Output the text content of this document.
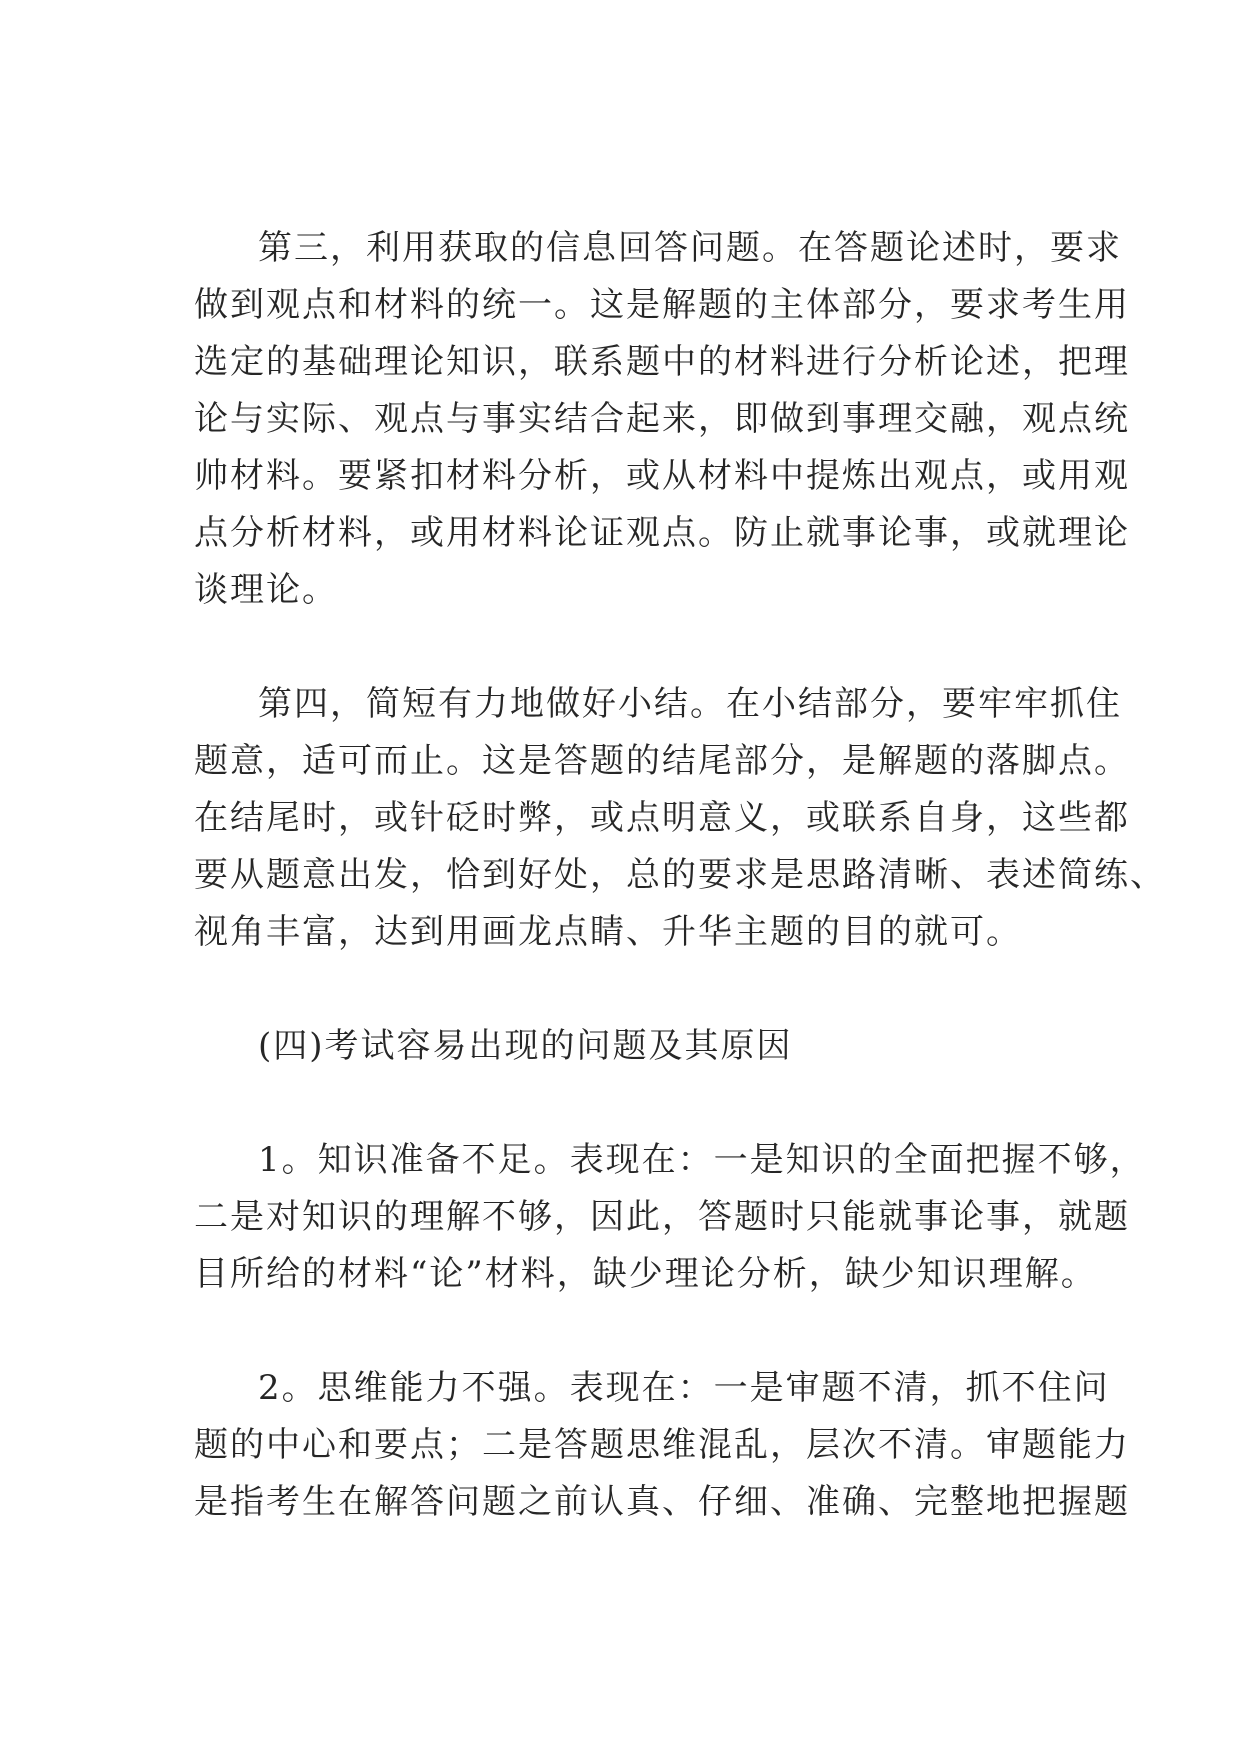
第三，利用获取的信息回答问题。在答题论述时，要求

做到观点和材料的统一。这是解题的主体部分，要求考生用

选定的基础理论知识，联系题中的材料进行分析论述，把理

论与实际、观点与事实结合起来，即做到事理交融，观点统

帅材料。要紧扣材料分析，或从材料中提炼出观点，或用观

点分析材料，或用材料论证观点。防止就事论事，或就理论

谈理论。

第四，简短有力地做好小结。在小结部分，要牢牢抓住

题意，适可而止。这是答题的结尾部分，是解题的落脚点。

在结尾时，或针砭时弊，或点明意义，或联系自身，这些都

要从题意出发，恰到好处，总的要求是思路清晰、表述简练、

视角丰富，达到用画龙点睛、升华主题的目的就可。

(四)考试容易出现的问题及其原因

1。知识准备不足。表现在：一是知识的全面把握不够，

二是对知识的理解不够，因此，答题时只能就事论事，就题

目所给的材料“论”材料，缺少理论分析，缺少知识理解。

2。思维能力不强。表现在：一是审题不清，抓不住问

题的中心和要点；二是答题思维混乱，层次不清。审题能力

是指考生在解答问题之前认真、仔细、准确、完整地把握题
